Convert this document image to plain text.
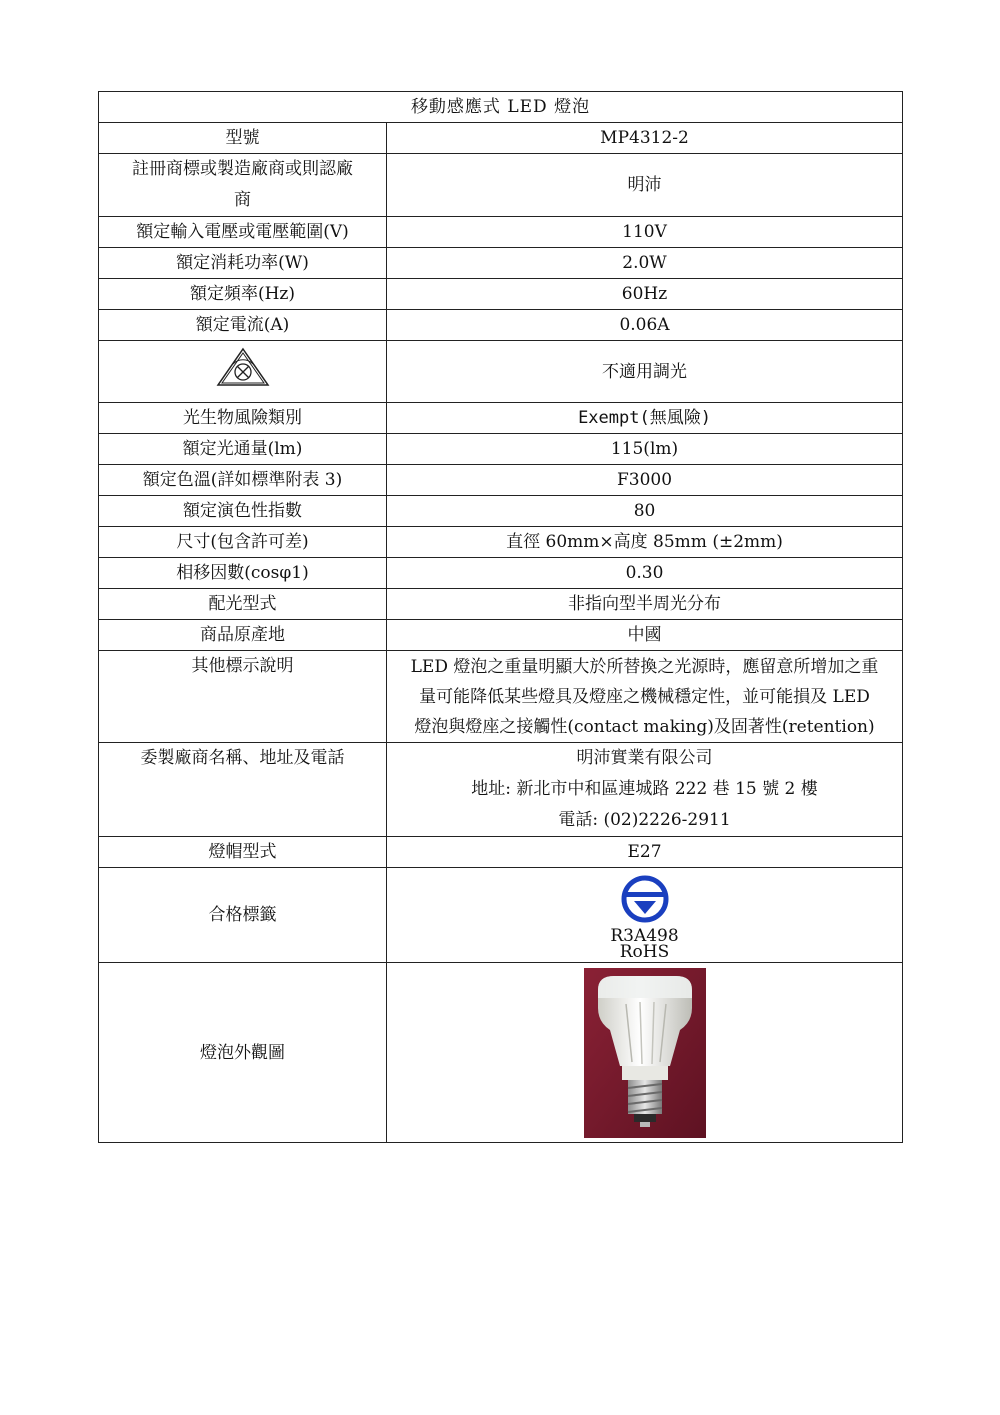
移動感應式 LED 燈泡	
型號	MP4312-2

註冊商標或製造廠商或則認廠
商	明沛
額定輸入電壓或電壓範圍(V)	110V
額定消耗功率(W)	2.0W
額定頻率(Hz)	60Hz
額定電流(A)	0.06A
	不適用調光
光生物風險類別	Exempt(無風險)
額定光通量(lm)	115(lm)
額定色溫(詳如標準附表 3)	F3000
額定演色性指數	80
尺寸(包含許可差)	直徑 60mm×高度 85mm (±2mm)
相移因數(cosφ1)	0.30
配光型式	非指向型半周光分布
商品原產地	中國
其他標示說明	LED 燈泡之重量明顯大於所替換之光源時，應留意所增加之重
量可能降低某些燈具及燈座之機械穩定性，並可能損及 LED
燈泡與燈座之接觸性(contact making)及固著性(retention)

委製廠商名稱、地址及電話	明沛實業有限公司
地址: 新北市中和區連城路 222 巷 15 號 2 樓
電話: (02)2226-2911

燈帽型式	E27
合格標籤	R3A498
RoHS

燈泡外觀圖	
